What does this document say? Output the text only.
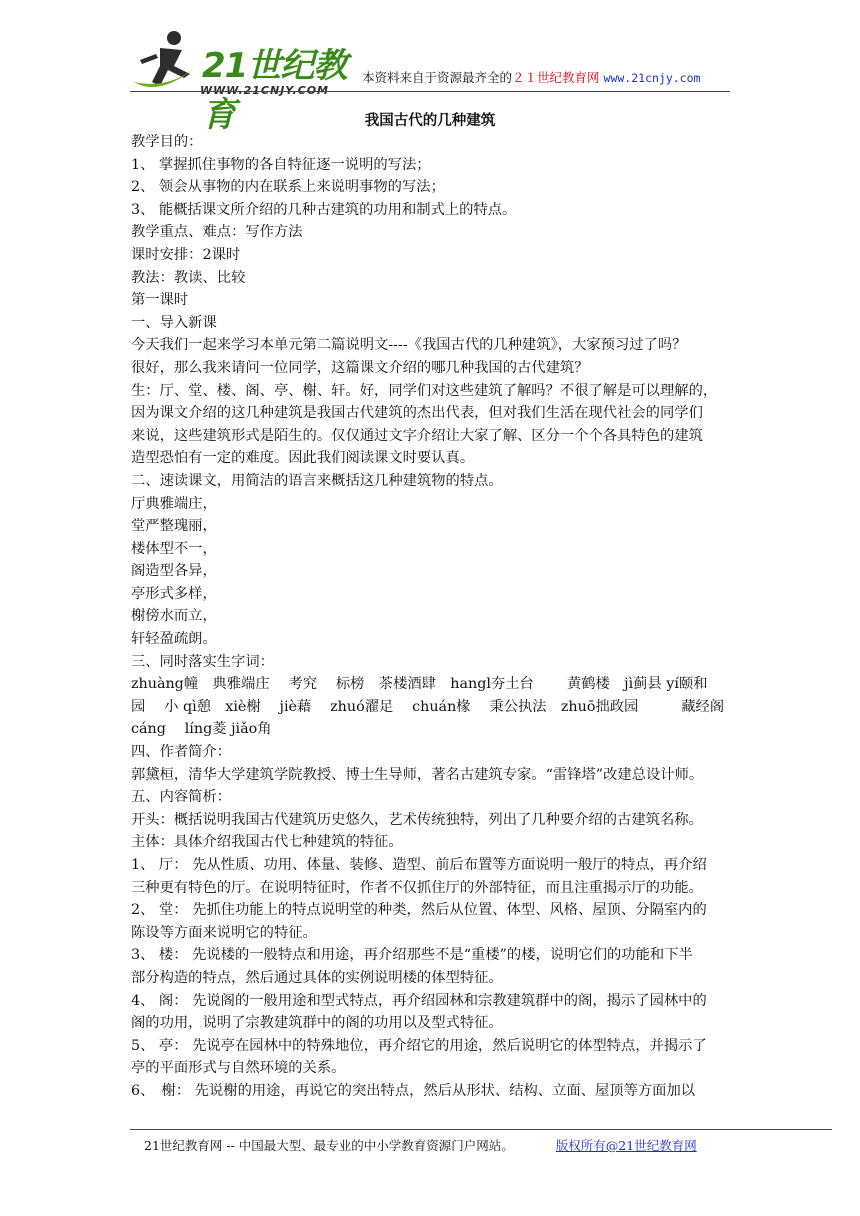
21世纪教育
WWW.21CNJY.COM
本资料来自于资源最齐全的２１世纪教育网 www.21cnjy.com
我国古代的几种建筑
教学目的：
1、 掌握抓住事物的各自特征逐一说明的写法；
2、 领会从事物的内在联系上来说明事物的写法；
3、 能概括课文所介绍的几种古建筑的功用和制式上的特点。
教学重点、难点：写作方法
课时安排：2课时
教法：教读、比较
第一课时
一、导入新课
今天我们一起来学习本单元第二篇说明文----《我国古代的几种建筑》，大家预习过了吗？
很好，那么我来请问一位同学，这篇课文介绍的哪几种我国的古代建筑？
生：厅、堂、楼、阁、亭、榭、轩。好，同学们对这些建筑了解吗？不很了解是可以理解的，
因为课文介绍的这几种建筑是我国古代建筑的杰出代表，但对我们生活在现代社会的同学们
来说，这些建筑形式是陌生的。仅仅通过文字介绍让大家了解、区分一个个各具特色的建筑
造型恐怕有一定的难度。因此我们阅读课文时要认真。
二、速读课文，用简洁的语言来概括这几种建筑物的特点。
厅典雅端庄，
堂严整瑰丽，
楼体型不一，
阁造型各异，
亭形式多样，
榭傍水而立，
轩轻盈疏朗。
三、同时落实生字词：
zhuàng幢　典雅端庄　 考究　 标榜　茶楼酒肆　hangl夯土台　　 黄鹤楼　jì蓟县 yí颐和
园　 小 qì憩　xiè榭　 jiè藉　 zhuó濯足　 chuán椽　 秉公执法　zhuō拙政园　　　藏经阁
cáng　 líng菱 jiǎo角
四、作者简介：
郭黛桓，清华大学建筑学院教授、博士生导师，著名古建筑专家。“雷锋塔”改建总设计师。
五、内容简析：
开头：概括说明我国古代建筑历史悠久，艺术传统独特，列出了几种要介绍的古建筑名称。
主体：具体介绍我国古代七种建筑的特征。
1、 厅： 先从性质、功用、体量、装修、造型、前后布置等方面说明一般厅的特点，再介绍
三种更有特色的厅。在说明特征时，作者不仅抓住厅的外部特征，而且注重揭示厅的功能。
2、 堂： 先抓住功能上的特点说明堂的种类，然后从位置、体型、风格、屋顶、分隔室内的
陈设等方面来说明它的特征。
3、 楼： 先说楼的一般特点和用途，再介绍那些不是“重楼”的楼，说明它们的功能和下半
部分构造的特点，然后通过具体的实例说明楼的体型特征。
4、 阁： 先说阁的一般用途和型式特点，再介绍园林和宗教建筑群中的阁，揭示了园林中的
阁的功用，说明了宗教建筑群中的阁的功用以及型式特征。
5、 亭： 先说亭在园林中的特殊地位，再介绍它的用途，然后说明它的体型特点，并揭示了
亭的平面形式与自然环境的关系。
6、　榭： 先说榭的用途，再说它的突出特点，然后从形状、结构、立面、屋顶等方面加以
21世纪教育网 -- 中国最大型、最专业的中小学教育资源门户网站。	版权所有@21世纪教育网
